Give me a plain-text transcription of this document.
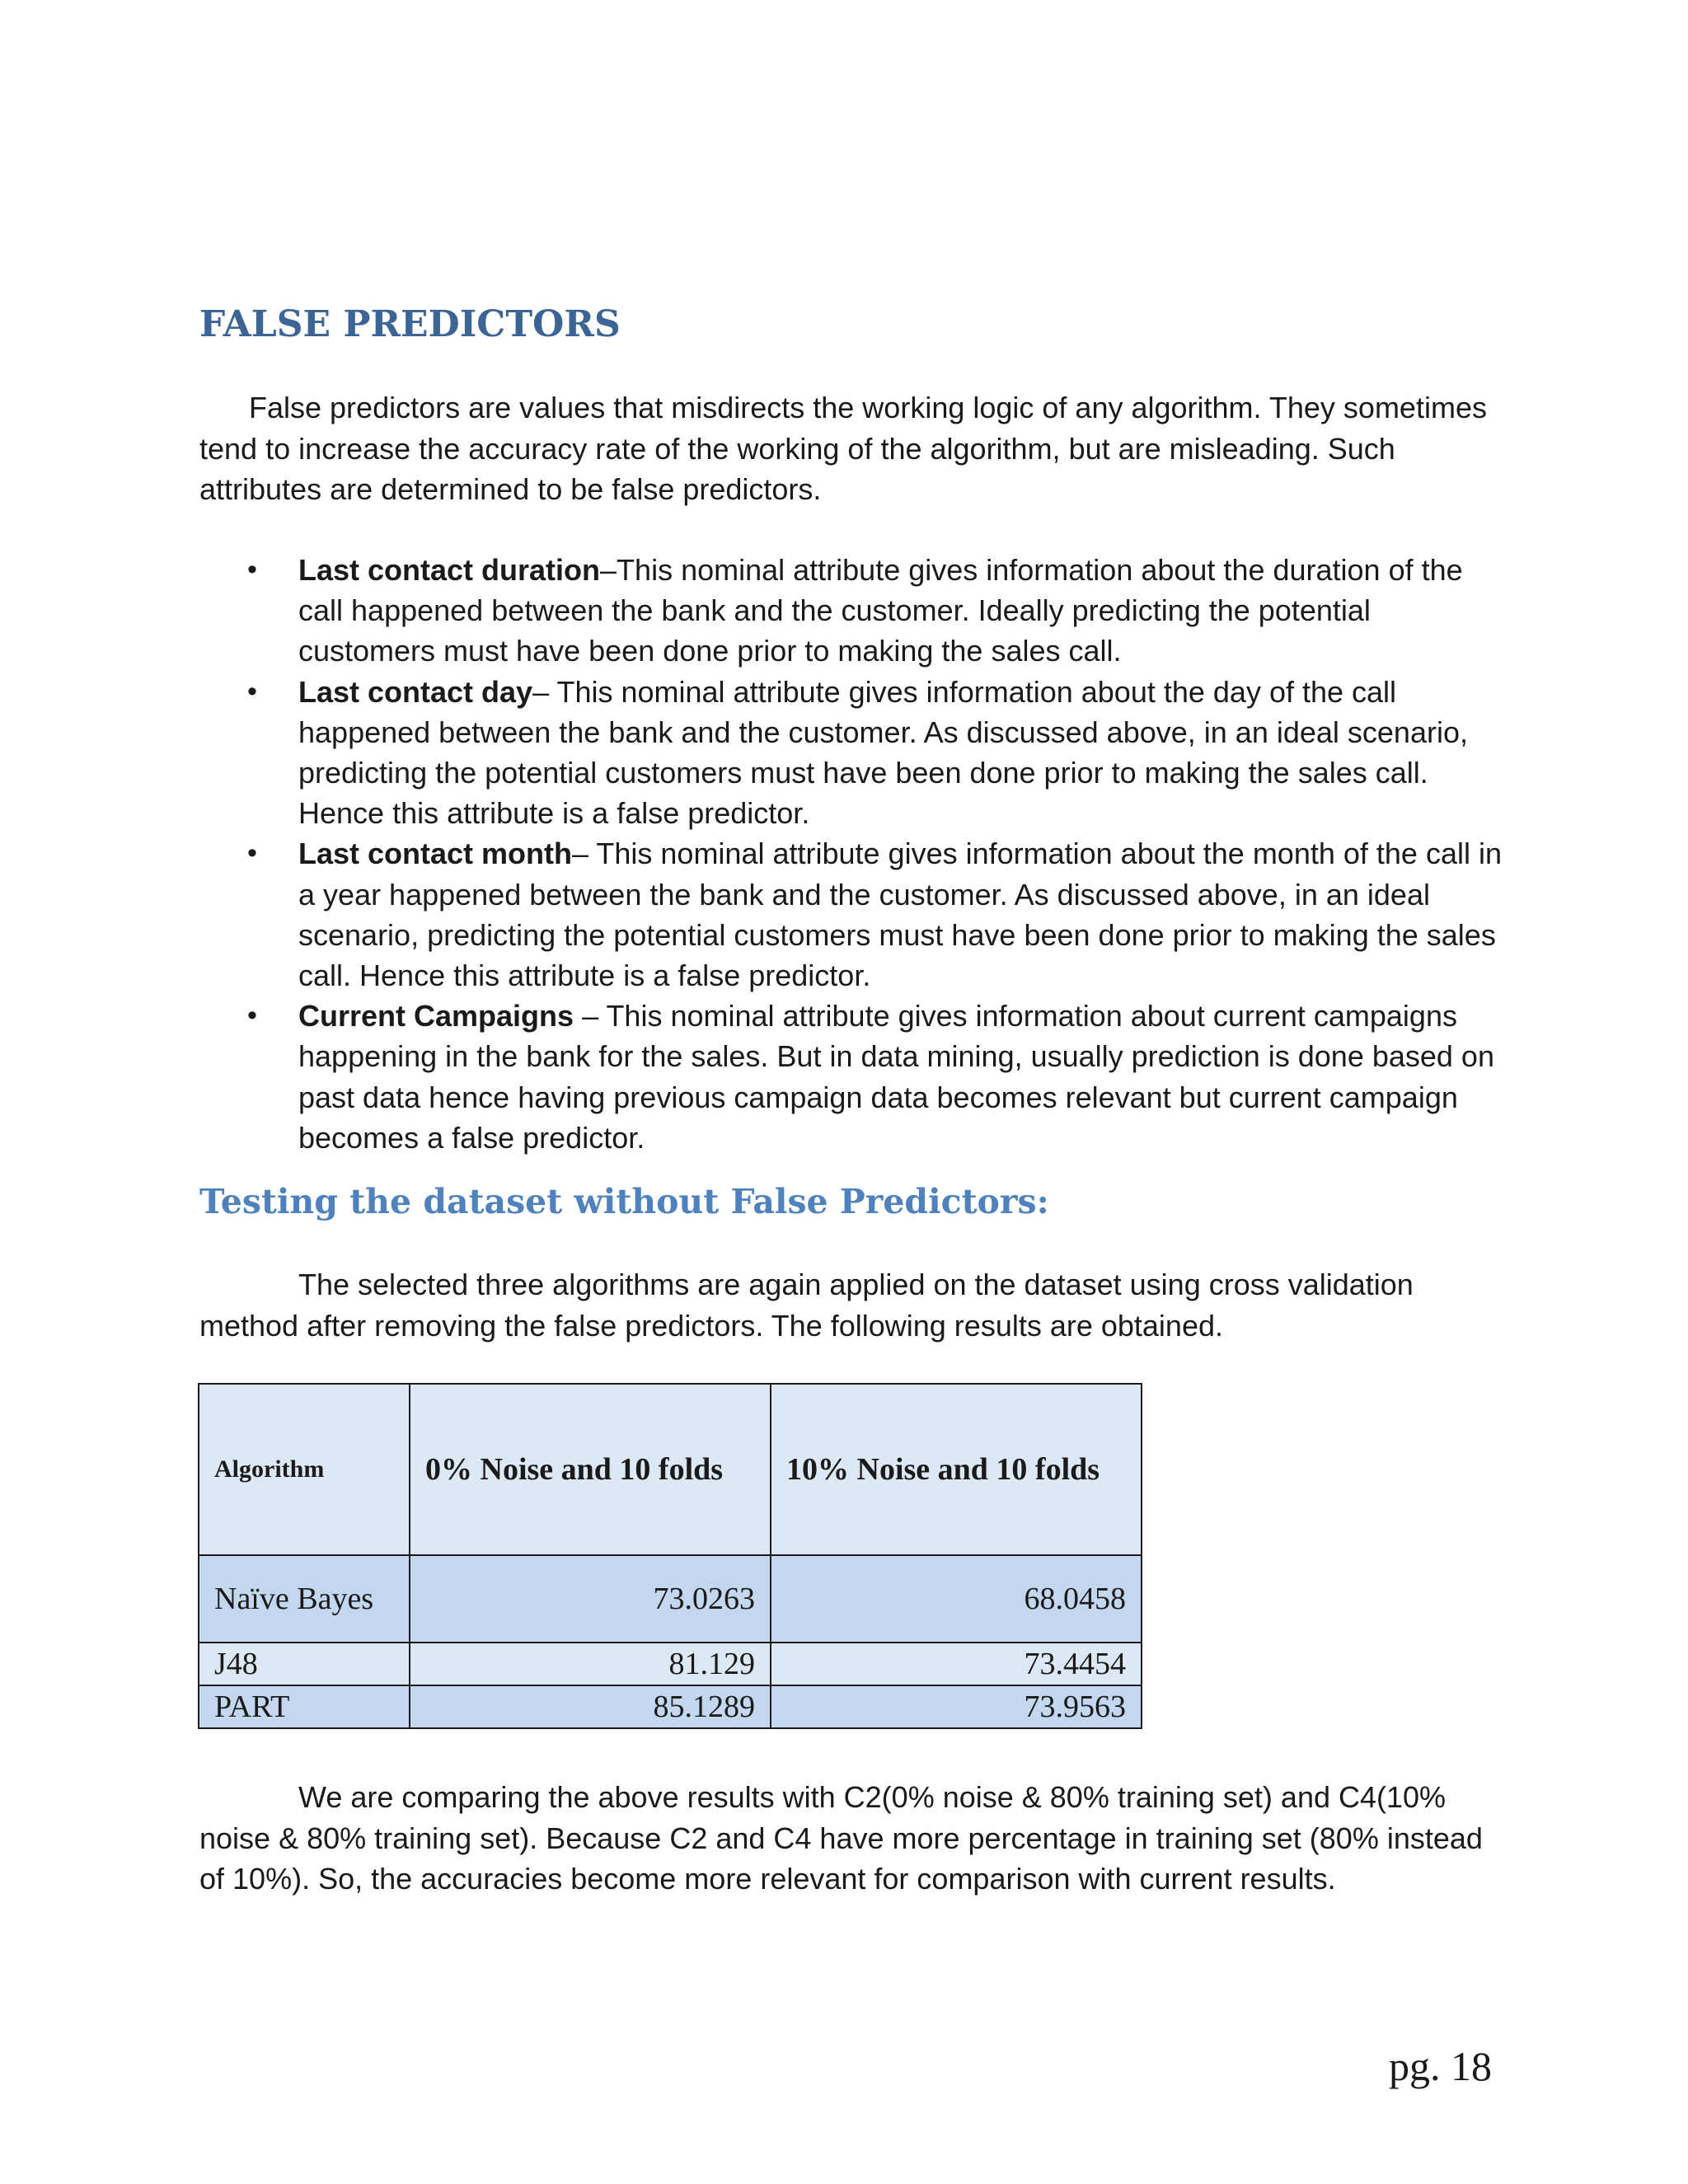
FALSE PREDICTORS

False predictors are values that misdirects the working logic of any algorithm. They sometimes tend to increase the accuracy rate of the working of the algorithm, but are misleading. Such attributes are determined to be false predictors.

• Last contact duration–This nominal attribute gives information about the duration of the call happened between the bank and the customer. Ideally predicting the potential customers must have been done prior to making the sales call.
• Last contact day– This nominal attribute gives information about the day of the call happened between the bank and the customer. As discussed above, in an ideal scenario, predicting the potential customers must have been done prior to making the sales call. Hence this attribute is a false predictor.
• Last contact month– This nominal attribute gives information about the month of the call in a year happened between the bank and the customer. As discussed above, in an ideal scenario, predicting the potential customers must have been done prior to making the sales call. Hence this attribute is a false predictor.
• Current Campaigns – This nominal attribute gives information about current campaigns happening in the bank for the sales. But in data mining, usually prediction is done based on past data hence having previous campaign data becomes relevant but current campaign becomes a false predictor.
Testing the dataset without False Predictors:

The selected three algorithms are again applied on the dataset using cross validation method after removing the false predictors. The following results are obtained.

Algorithm	0% Noise and 10 folds	10% Noise and 10 folds
Naïve Bayes	73.0263	68.0458
J48	81.129	73.4454
PART	85.1289	73.9563

We are comparing the above results with C2(0% noise & 80% training set) and C4(10% noise & 80% training set). Because C2 and C4 have more percentage in training set (80% instead of 10%). So, the accuracies become more relevant for comparison with current results.

pg. 18
